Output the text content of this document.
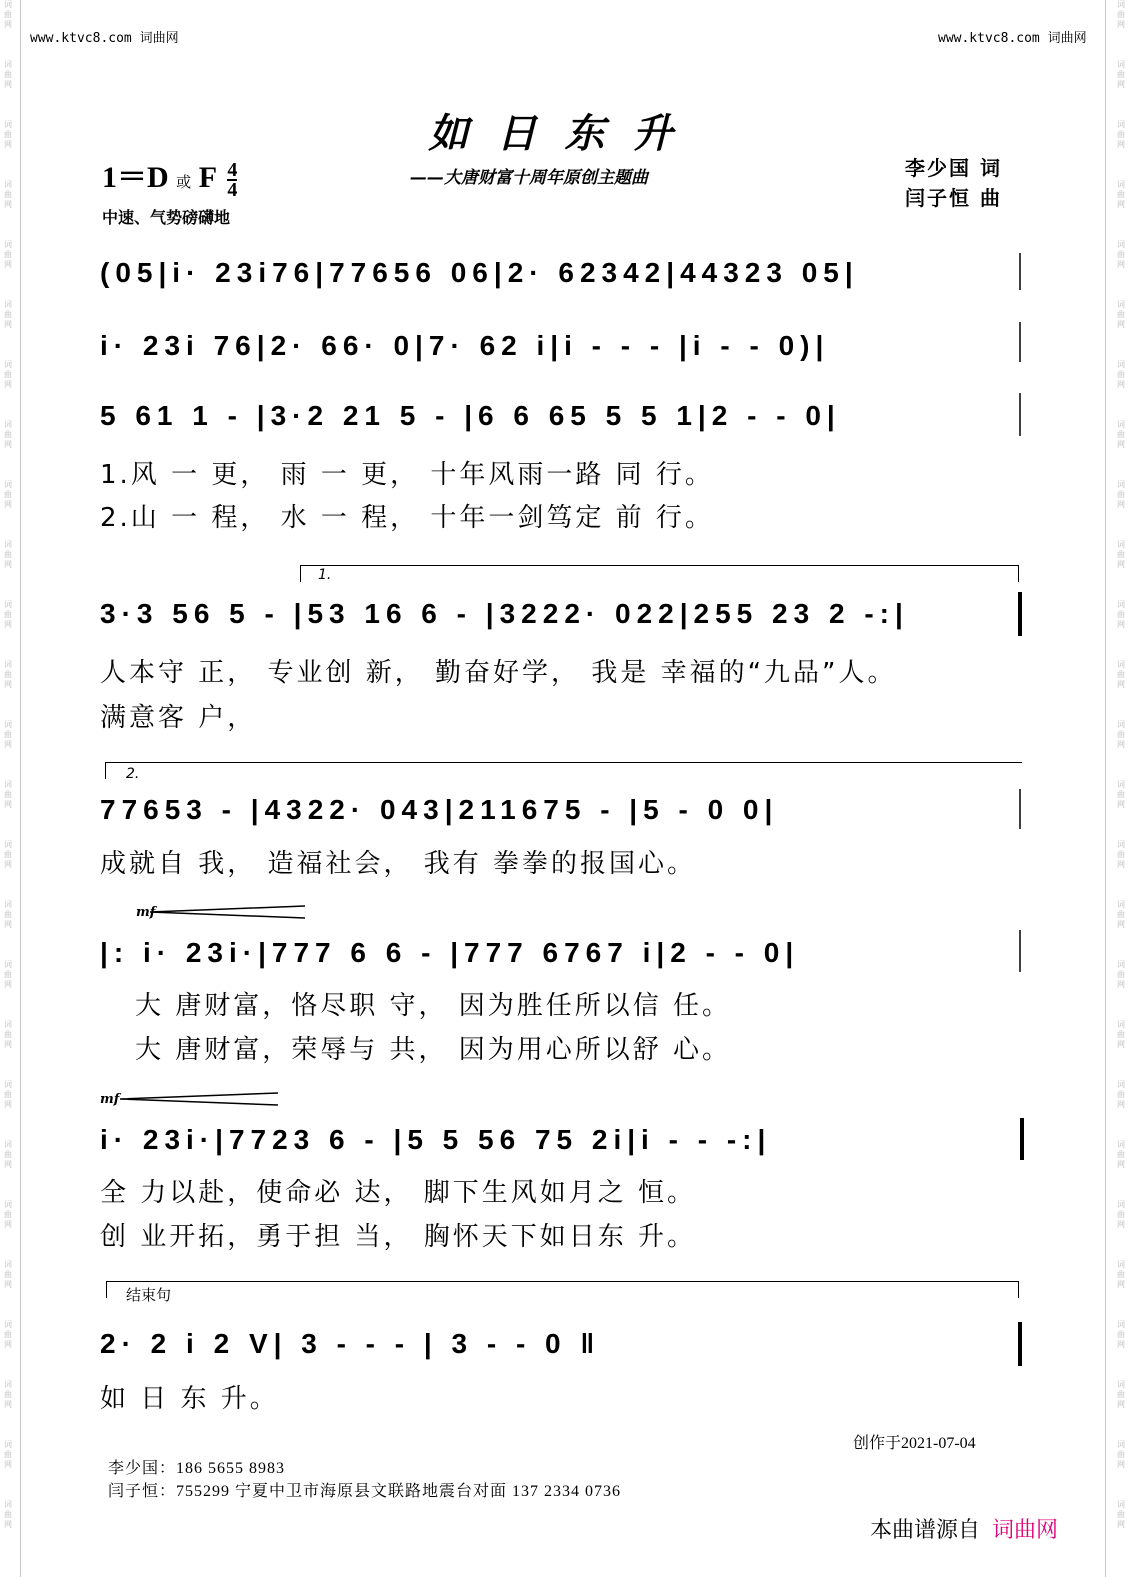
词
曲
网
词
曲
网
词
曲
网
词
曲
网
词
曲
网
词
曲
网
词
曲
网
词
曲
网
词
曲
网
词
曲
网
词
曲
网
词
曲
网
词
曲
网
词
曲
网
词
曲
网
词
曲
网
词
曲
网
词
曲
网
词
曲
网
词
曲
网
词
曲
网
词
曲
网
词
曲
网
词
曲
网
词
曲
网
词
曲
网
词
曲
网
词
曲
网
词
曲
网
词
曲
网
词
曲
网
词
曲
网
词
曲
网
词
曲
网
词
曲
网
词
曲
网
词
曲
网
词
曲
网
词
曲
网
词
曲
网
词
曲
网
词
曲
网
词
曲
网
词
曲
网
词
曲
网
词
曲
网
词
曲
网
词
曲
网
词
曲
网
词
曲
网
词
曲
网
词
曲
网
www.ktvc8.com 词曲网	www.ktvc8.com 词曲网
如日东升
1＝D 或 F $\frac{4}{4}$	——大唐财富十周年原创主题曲
中速、气势磅礴地
李少国 词
闫子恒 曲
(05|i· 23i76|77656 06|2· 62342|44323 05|
i· 23i 76|2· 66· 0|7· 62 i|i - - - |i - - 0)|
5 61 1 - |3·2 21 5 - |6 6 65 5 5 1|2 - - 0|
1.风 一 更， 雨 一 更， 十年风雨一路 同 行。
2.山 一 程， 水 一 程， 十年一剑笃定 前 行。
1.
3·3 56 5 - |53 16 6 - |3222· 022|255 23 2 -:|
人本守 正， 专业创 新， 勤奋好学， 我是 幸福的“九品”人。
满意客 户，
2.
77653 - |4322· 043|211675 - |5 - 0 0|
成就自 我， 造福社会， 我有 拳拳的报国心。
mf
|: i· 23i·|777 6 6 - |777 6767 i|2 - - 0|
大 唐财富，恪尽职 守， 因为胜任所以信 任。
大 唐财富，荣辱与 共， 因为用心所以舒 心。
mf
i· 23i·|7723 6 - |5 5 56 75 2i|i - - -:|
全 力以赴，使命必 达， 脚下生风如月之 恒。
创 业开拓，勇于担 当， 胸怀天下如日东 升。
结束句
2· 2 i 2 V| 3 - - - | 3 - - 0 ‖
如 日 东 升。
创作于2021-07-04
李少国：186 5655 8983
闫子恒：755299 宁夏中卫市海原县文联路地震台对面 137 2334 0736
本曲谱源自 词曲网
